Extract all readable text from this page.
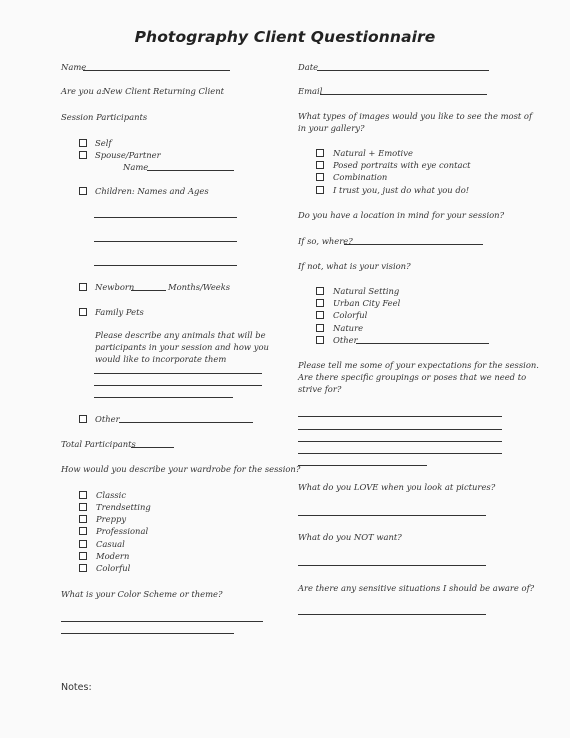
Photography Client Questionnaire
Name
Are you a:
New Client Returning Client
Session Participants
Self
Spouse/Partner
Name
Children: Names and Ages
Newborn	Months/Weeks
Family Pets
Please describe any animals that will be
participants in your session and how you
would like to incorporate them
Other
Total Participants
How would you describe your wardrobe for the session?
Classic
Trendsetting
Preppy
Professional
Casual
Modern
Colorful
What is your Color Scheme or theme?
Notes:
Date
Email
What types of images would you like to see the most of
in your gallery?
Natural + Emotive
Posed portraits with eye contact
Combination
I trust you, just do what you do!
Do you have a location in mind for your session?
If so, where?
If not, what is your vision?
Natural Setting
Urban City Feel
Colorful
Nature
Other
Please tell me some of your expectations for the session.
Are there specific groupings or poses that we need to
strive for?
What do you LOVE when you look at pictures?
What do you NOT want?
Are there any sensitive situations I should be aware of?
